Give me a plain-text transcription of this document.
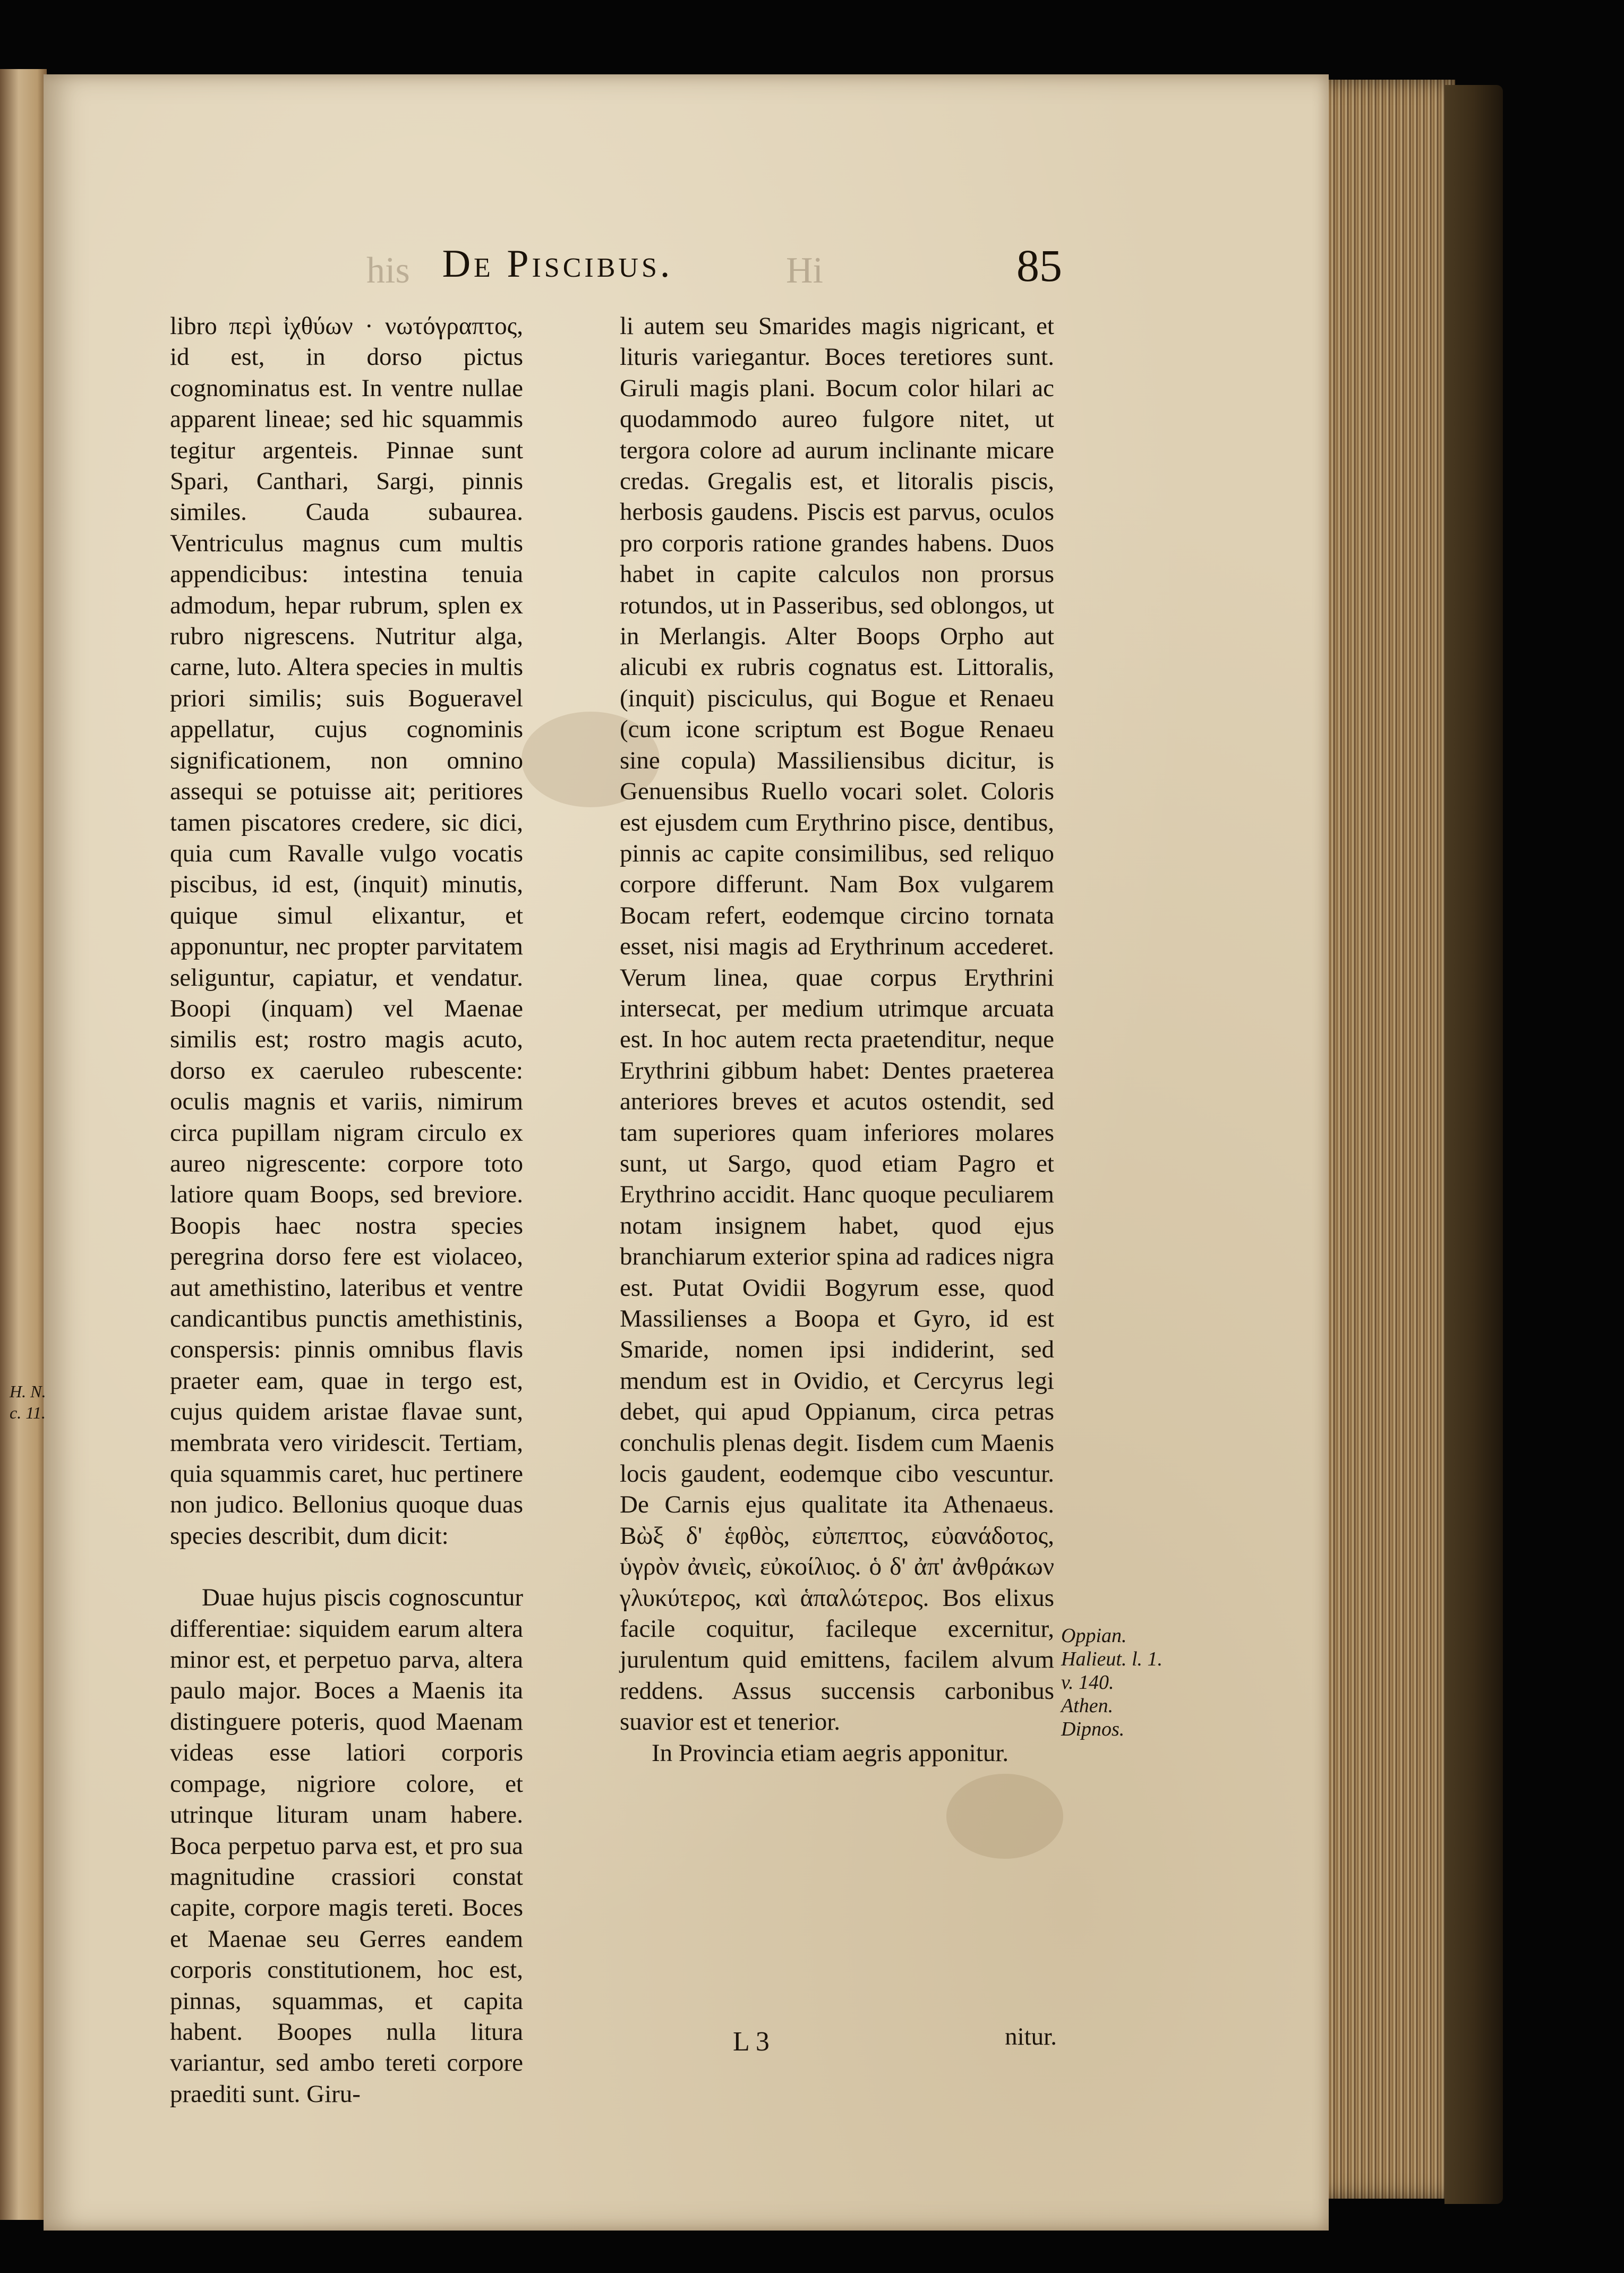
his	Hi
De Piscibus.	85

libro περὶ ἰχθύων · νωτόγραπτος, id est, in dorso pictus cognominatus est. In ventre nullae apparent lineae; sed hic squammis tegitur argenteis. Pinnae sunt Spari, Canthari, Sargi, pinnis similes. Cauda subaurea. Ventriculus magnus cum multis appendicibus: intestina tenuia admodum, hepar rubrum, splen ex rubro nigrescens. Nutritur alga, carne, luto. Altera species in multis priori similis; suis Bogueravel appellatur, cujus cognominis significationem, non omnino assequi se potuisse ait; peritiores tamen piscatores credere, sic dici, quia cum Ravalle vulgo vocatis piscibus, id est, (inquit) minutis, quique simul elixantur, et apponuntur, nec propter parvitatem seliguntur, capiatur, et vendatur. Boopi (inquam) vel Maenae similis est; rostro magis acuto, dorso ex caeruleo rubescente: oculis magnis et variis, nimirum circa pupillam nigram circulo ex aureo nigrescente: corpore toto latiore quam Boops, sed breviore. Boopis haec nostra species peregrina dorso fere est violaceo, aut amethistino, lateribus et ventre candicantibus punctis amethistinis, conspersis: pinnis omnibus flavis praeter eam, quae in tergo est, cujus quidem aristae flavae sunt, membrata vero viridescit. Tertiam, quia squammis caret, huc pertinere non judico. Bellonius quoque duas species describit, dum dicit:

Duae hujus piscis cognoscuntur differentiae: siquidem earum altera minor est, et perpetuo parva, altera paulo major. Boces a Maenis ita distinguere poteris, quod Maenam videas esse latiori corporis compage, nigriore colore, et utrinque lituram unam habere. Boca perpetuo parva est, et pro sua magnitudine crassiori constat capite, corpore magis tereti. Boces et Maenae seu Gerres eandem corporis constitutionem, hoc est, pinnas, squammas, et capita habent. Boopes nulla litura variantur, sed ambo tereti corpore praediti sunt. Giru-

li autem seu Smarides magis nigricant, et lituris variegantur. Boces teretiores sunt. Giruli magis plani. Bocum color hilari ac quodammodo aureo fulgore nitet, ut tergora colore ad aurum inclinante micare credas. Gregalis est, et litoralis piscis, herbosis gaudens. Piscis est parvus, oculos pro corporis ratione grandes habens. Duos habet in capite calculos non prorsus rotundos, ut in Passeribus, sed oblongos, ut in Merlangis. Alter Boops Orpho aut alicubi ex rubris cognatus est. Littoralis, (inquit) pisciculus, qui Bogue et Renaeu (cum icone scriptum est Bogue Renaeu sine copula) Massiliensibus dicitur, is Genuensibus Ruello vocari solet. Coloris est ejusdem cum Erythrino pisce, dentibus, pinnis ac capite consimilibus, sed reliquo corpore differunt. Nam Box vulgarem Bocam refert, eodemque circino tornata esset, nisi magis ad Erythrinum accederet. Verum linea, quae corpus Erythrini intersecat, per medium utrimque arcuata est. In hoc autem recta praetenditur, neque Erythrini gibbum habet: Dentes praeterea anteriores breves et acutos ostendit, sed tam superiores quam inferiores molares sunt, ut Sargo, quod etiam Pagro et Erythrino accidit. Hanc quoque peculiarem notam insignem habet, quod ejus branchiarum exterior spina ad radices nigra est. Putat Ovidii Bogyrum esse, quod Massilienses a Boopa et Gyro, id est Smaride, nomen ipsi indiderint, sed mendum est in Ovidio, et Cercyrus legi debet, qui apud Oppianum, circa petras conchulis plenas degit. Iisdem cum Maenis locis gaudent, eodemque cibo vescuntur. De Carnis ejus qualitate ita Athenaeus. Βὼξ δ' ἑφθὸς, εὐπεπτος, εὐανάδοτος, ὑγρὸν ἀνιεὶς, εὐκοίλιος. ὁ δ' ἀπ' ἀνθράκων γλυκύτερος, καὶ ἁπαλώτερος. Bos elixus facile coquitur, facileque excernitur, jurulentum quid emittens, facilem alvum reddens. Assus succensis carbonibus suavior est et tenerior.

In Provincia etiam aegris apponitur.

H. N.
c. 11.
Oppian.
Halieut. l. 1.
v. 140.
Athen.
Dipnos.
L 3	nitur.
